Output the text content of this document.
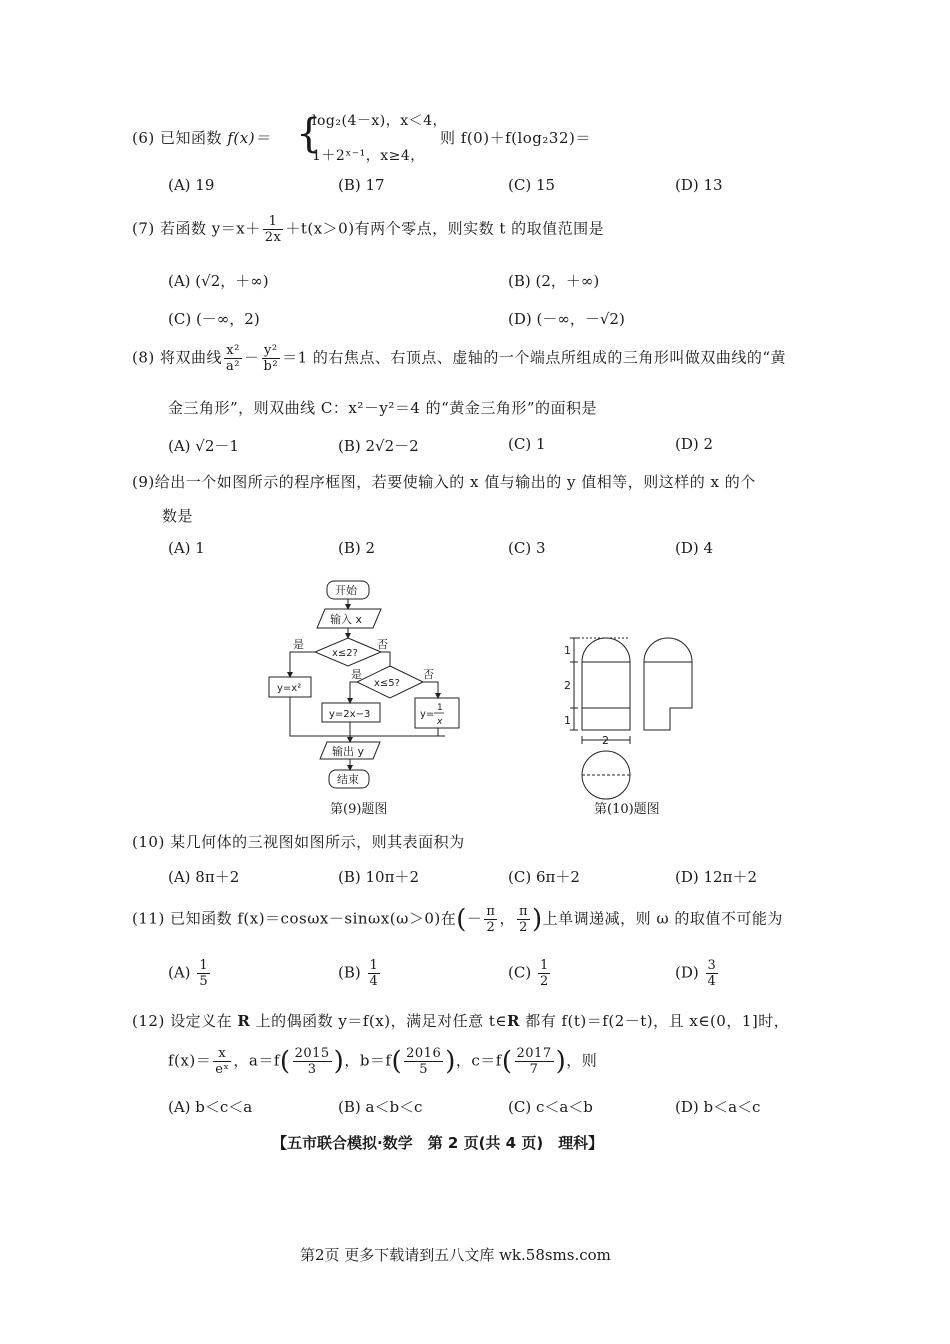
(6) 已知函数 f(x)＝ {
log₂(4－x)，x＜4，
1＋2ˣ⁻¹，x≥4，
则 f(0)＋f(log₂32)＝
(A) 19	(B) 17	(C) 15	(D) 13
(7) 若函数 $y=x+ \frac{1}{2x} +t(x>0)$有两个零点，则实数 t 的取值范围是
(A) (√2，＋∞)	(B) (2，＋∞)
(C) (－∞，2)	(D) (－∞，－√2)
(8) 将双曲线 $\frac{\text{x²}}{\text{a²}} - \frac{\text{y²}}{\text{b²}} =1$ 的右焦点、右顶点、虚轴的一个端点所组成的三角形叫做双曲线的“黄
金三角形”，则双曲线 C：x²－y²＝4 的“黄金三角形”的面积是
(A) √2－1	(B) 2√2－2	(C) 1	(D) 2
(9)给出一个如图所示的程序框图，若要使输入的 x 值与输出的 y 值相等，则这样的 x 的个
数是
(A) 1	(B) 2	(C) 3	(D) 4
开始
输入 x
x≤2?
是	否
x≤5?
是	否
y=x²
y=2x−3	y=
1
x
输出 y
结束
第(9)题图
1
2
1
2
第(10)题图
(10) 某几何体的三视图如图所示，则其表面积为
(A) 8π＋2	(B) 10π＋2	(C) 6π＋2	(D) 12π＋2
(11) 已知函数 f(x)＝cosωx－sinωx(ω＞0)在(－ $\frac{\pi}{2}$ ， $\frac{\pi}{2}$ )上单调递减，则 ω 的取值不可能为
$(A) \frac{1}{5}$	$(B) \frac{1}{4}$	$(C) \frac{1}{2}$	$(D) \frac{3}{4}$
(12) 设定义在 R 上的偶函数 y＝f(x)，满足对任意 t∈R 都有 f(t)＝f(2－t)，且 x∈(0，1]时，
$f(x)= \frac{x}{\text{eˣ}}$ ，$a=f( \frac{2015}{3}$ )，$b=f( \frac{2016}{5}$ )，$c=f( \frac{2017}{7}$ )，则
(A) b＜c＜a	(B) a＜b＜c	(C) c＜a＜b	(D) b＜a＜c
【五市联合模拟·数学　第 2 页(共 4 页)　理科】
第2页 更多下载请到五八文库 wk.58sms.com
